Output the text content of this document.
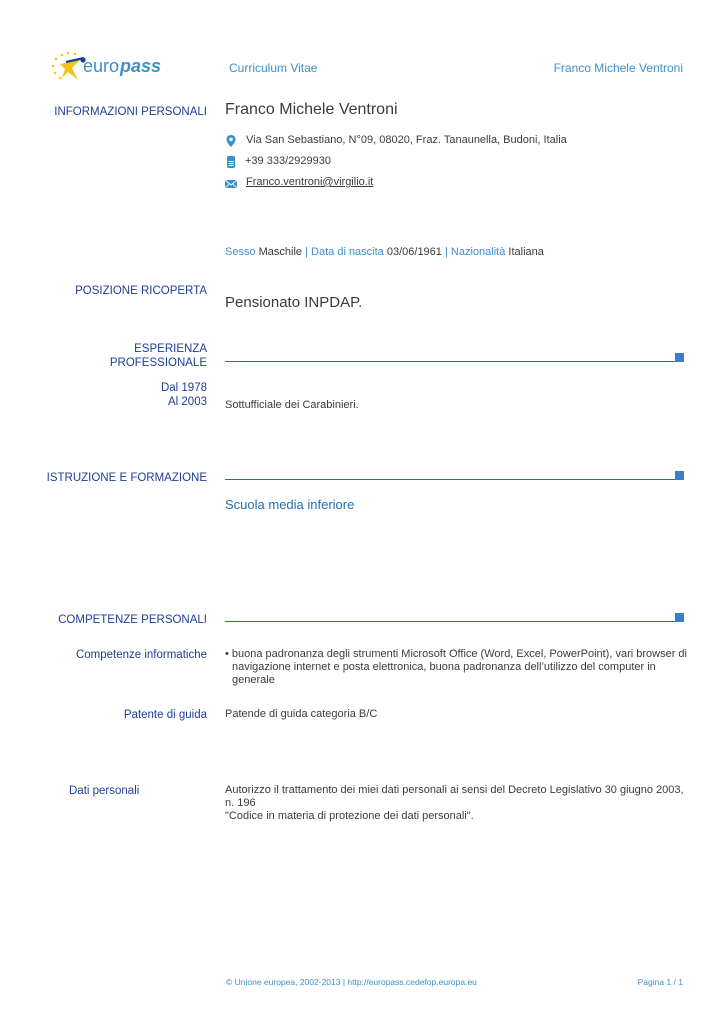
euro pass	Curriculum Vitae	Franco Michele Ventroni
INFORMAZIONI PERSONALI Franco Michele Ventroni
Via San Sebastiano, N°09, 08020, Fraz. Tanaunella, Budoni, Italia
+39 333/2929930
Franco.ventroni@virgilio.it
Sesso Maschile | Data di nascita 03/06/1961 | Nazionalità Italiana
POSIZIONE RICOPERTA
Pensionato INPDAP.
ESPERIENZA
PROFESSIONALE
Dal 1978
Al 2003 Sottufficiale dei Carabinieri.
ISTRUZIONE E FORMAZIONE
Scuola media inferiore
COMPETENZE PERSONALI
Competenze informatiche • buona padronanza degli strumenti Microsoft Office (Word, Excel, PowerPoint), vari browser di
navigazione internet e posta elettronica, buona padronanza dell’utilizzo del computer in generale
Patente di guida Patende di guida categoria B/C
Dati personali	Autorizzo il trattamento dei miei dati personali ai sensi del Decreto Legislativo 30 giugno 2003, n. 196
"Codice in materia di protezione dei dati personali".
© Unione europea, 2002-2013 | http://europass.cedefop.europa.eu	Pagina 1 / 1
